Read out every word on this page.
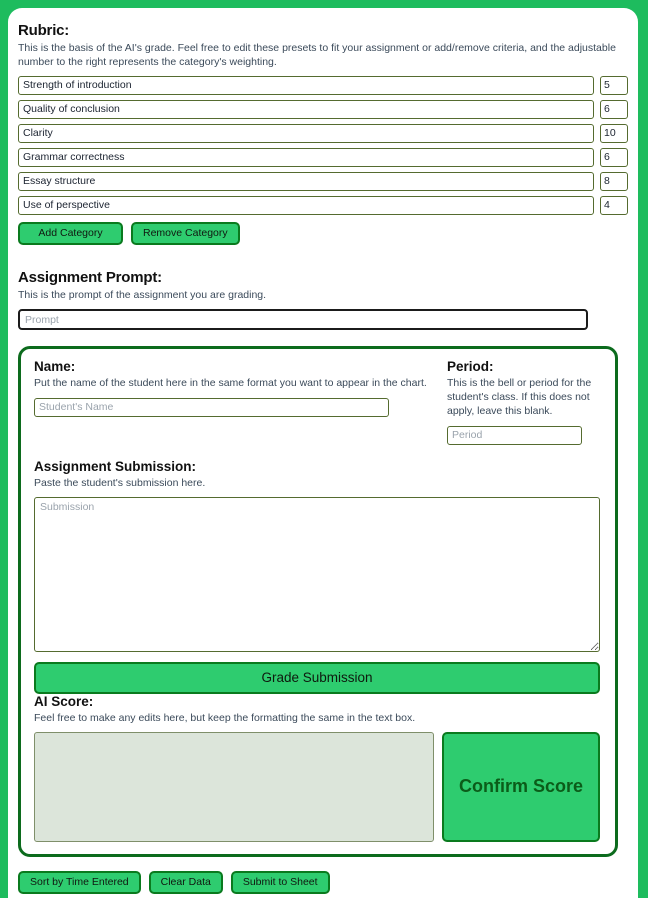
Rubric:

This is the basis of the AI's grade. Feel free to edit these presets to fit your assignment or add/remove criteria, and the adjustable number to the right represents the category's weighting.

Strength of introduction
5
Quality of conclusion
6
Clarity
10
Grammar correctness
6
Essay structure
8
Use of perspective
4
Add Category	Remove Category
Assignment Prompt:

This is the prompt of the assignment you are grading.

Prompt
Name:

Put the name of the student here in the same format you want to appear in the chart.

Student's Name
Period:

This is the bell or period for the student's class. If this does not apply, leave this blank.

Period
Assignment Submission:

Paste the student's submission here.

Submission
Grade Submission
AI Score:

Feel free to make any edits here, but keep the formatting the same in the text box.

Confirm Score
Sort by Time Entered	Clear Data	Submit to Sheet
